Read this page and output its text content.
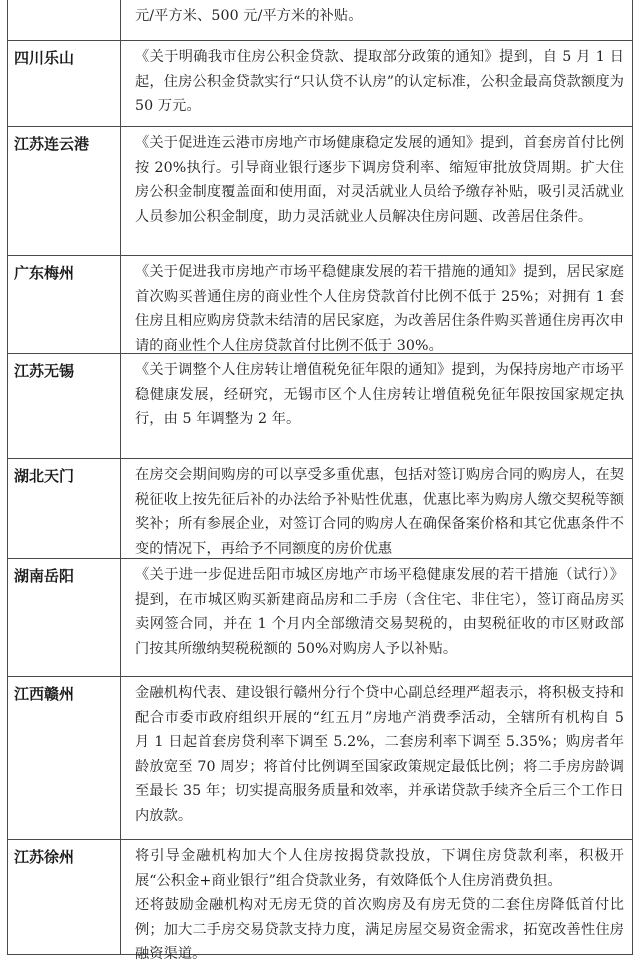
元/平方米、500 元/平方米的补贴。

四川乐山	《关于明确我市住房公积金贷款、提取部分政策的通知》提到，自 5 月 1 日起，住房公积金贷款实行“只认贷不认房”的认定标准，公积金最高贷款额度为 50 万元。

江苏连云港	《关于促进连云港市房地产市场健康稳定发展的通知》提到，首套房首付比例按 20%执行。引导商业银行逐步下调房贷利率、缩短审批放贷周期。扩大住房公积金制度覆盖面和使用面，对灵活就业人员给予缴存补贴，吸引灵活就业人员参加公积金制度，助力灵活就业人员解决住房问题、改善居住条件。

广东梅州	《关于促进我市房地产市场平稳健康发展的若干措施的通知》提到，居民家庭首次购买普通住房的商业性个人住房贷款首付比例不低于 25%；对拥有 1 套住房且相应购房贷款未结清的居民家庭，为改善居住条件购买普通住房再次申请的商业性个人住房贷款首付比例不低于 30%。

江苏无锡	《关于调整个人住房转让增值税免征年限的通知》提到，为保持房地产市场平稳健康发展，经研究，无锡市区个人住房转让增值税免征年限按国家规定执行，由 5 年调整为 2 年。

湖北天门	在房交会期间购房的可以享受多重优惠，包括对签订购房合同的购房人，在契税征收上按先征后补的办法给予补贴性优惠，优惠比率为购房人缴交契税等额奖补；所有参展企业，对签订合同的购房人在确保备案价格和其它优惠条件不变的情况下，再给予不同额度的房价优惠

湖南岳阳	《关于进一步促进岳阳市城区房地产市场平稳健康发展的若干措施（试行）》提到，在市城区购买新建商品房和二手房（含住宅、非住宅），签订商品房买卖网签合同，并在 1 个月内全部缴清交易契税的，由契税征收的市区财政部门按其所缴纳契税税额的 50%对购房人予以补贴。

江西赣州	金融机构代表、建设银行赣州分行个贷中心副总经理严超表示，将积极支持和配合市委市政府组织开展的“红五月”房地产消费季活动，全辖所有机构自 5 月 1 日起首套房贷利率下调至 5.2%，二套房利率下调至 5.35%；购房者年龄放宽至 70 周岁；将首付比例调至国家政策规定最低比例；将二手房房龄调至最长 35 年；切实提高服务质量和效率，并承诺贷款手续齐全后三个工作日内放款。

江苏徐州	将引导金融机构加大个人住房按揭贷款投放，下调住房贷款利率，积极开展“公积金+商业银行”组合贷款业务，有效降低个人住房消费负担。

还将鼓励金融机构对无房无贷的首次购房及有房无贷的二套住房降低首付比例；加大二手房交易贷款支持力度，满足房屋交易资金需求，拓宽改善性住房融资渠道。
